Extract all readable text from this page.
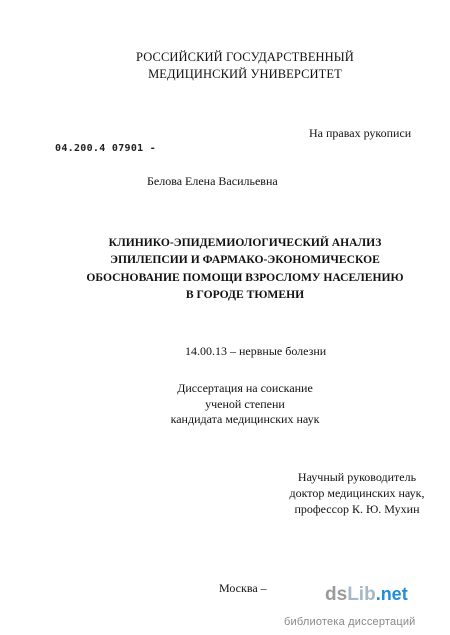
РОССИЙСКИЙ ГОСУДАРСТВЕННЫЙ
МЕДИЦИНСКИЙ УНИВЕРСИТЕТ
На правах рукописи
04.200.4 07901 -
Белова Елена Васильевна
КЛИНИКО-ЭПИДЕМИОЛОГИЧЕСКИЙ АНАЛИЗ
ЭПИЛЕПСИИ И ФАРМАКО-ЭКОНОМИЧЕСКОЕ
ОБОСНОВАНИЕ ПОМОЩИ ВЗРОСЛОМУ НАСЕЛЕНИЮ
В ГОРОДЕ ТЮМЕНИ
14.00.13 – нервные болезни
Диссертация на соискание
ученой степени
кандидата медицинских наук
Научный руководитель
доктор медицинских наук,
профессор К. Ю. Мухин
Москва –	dsLib.net
библиотека диссертаций
